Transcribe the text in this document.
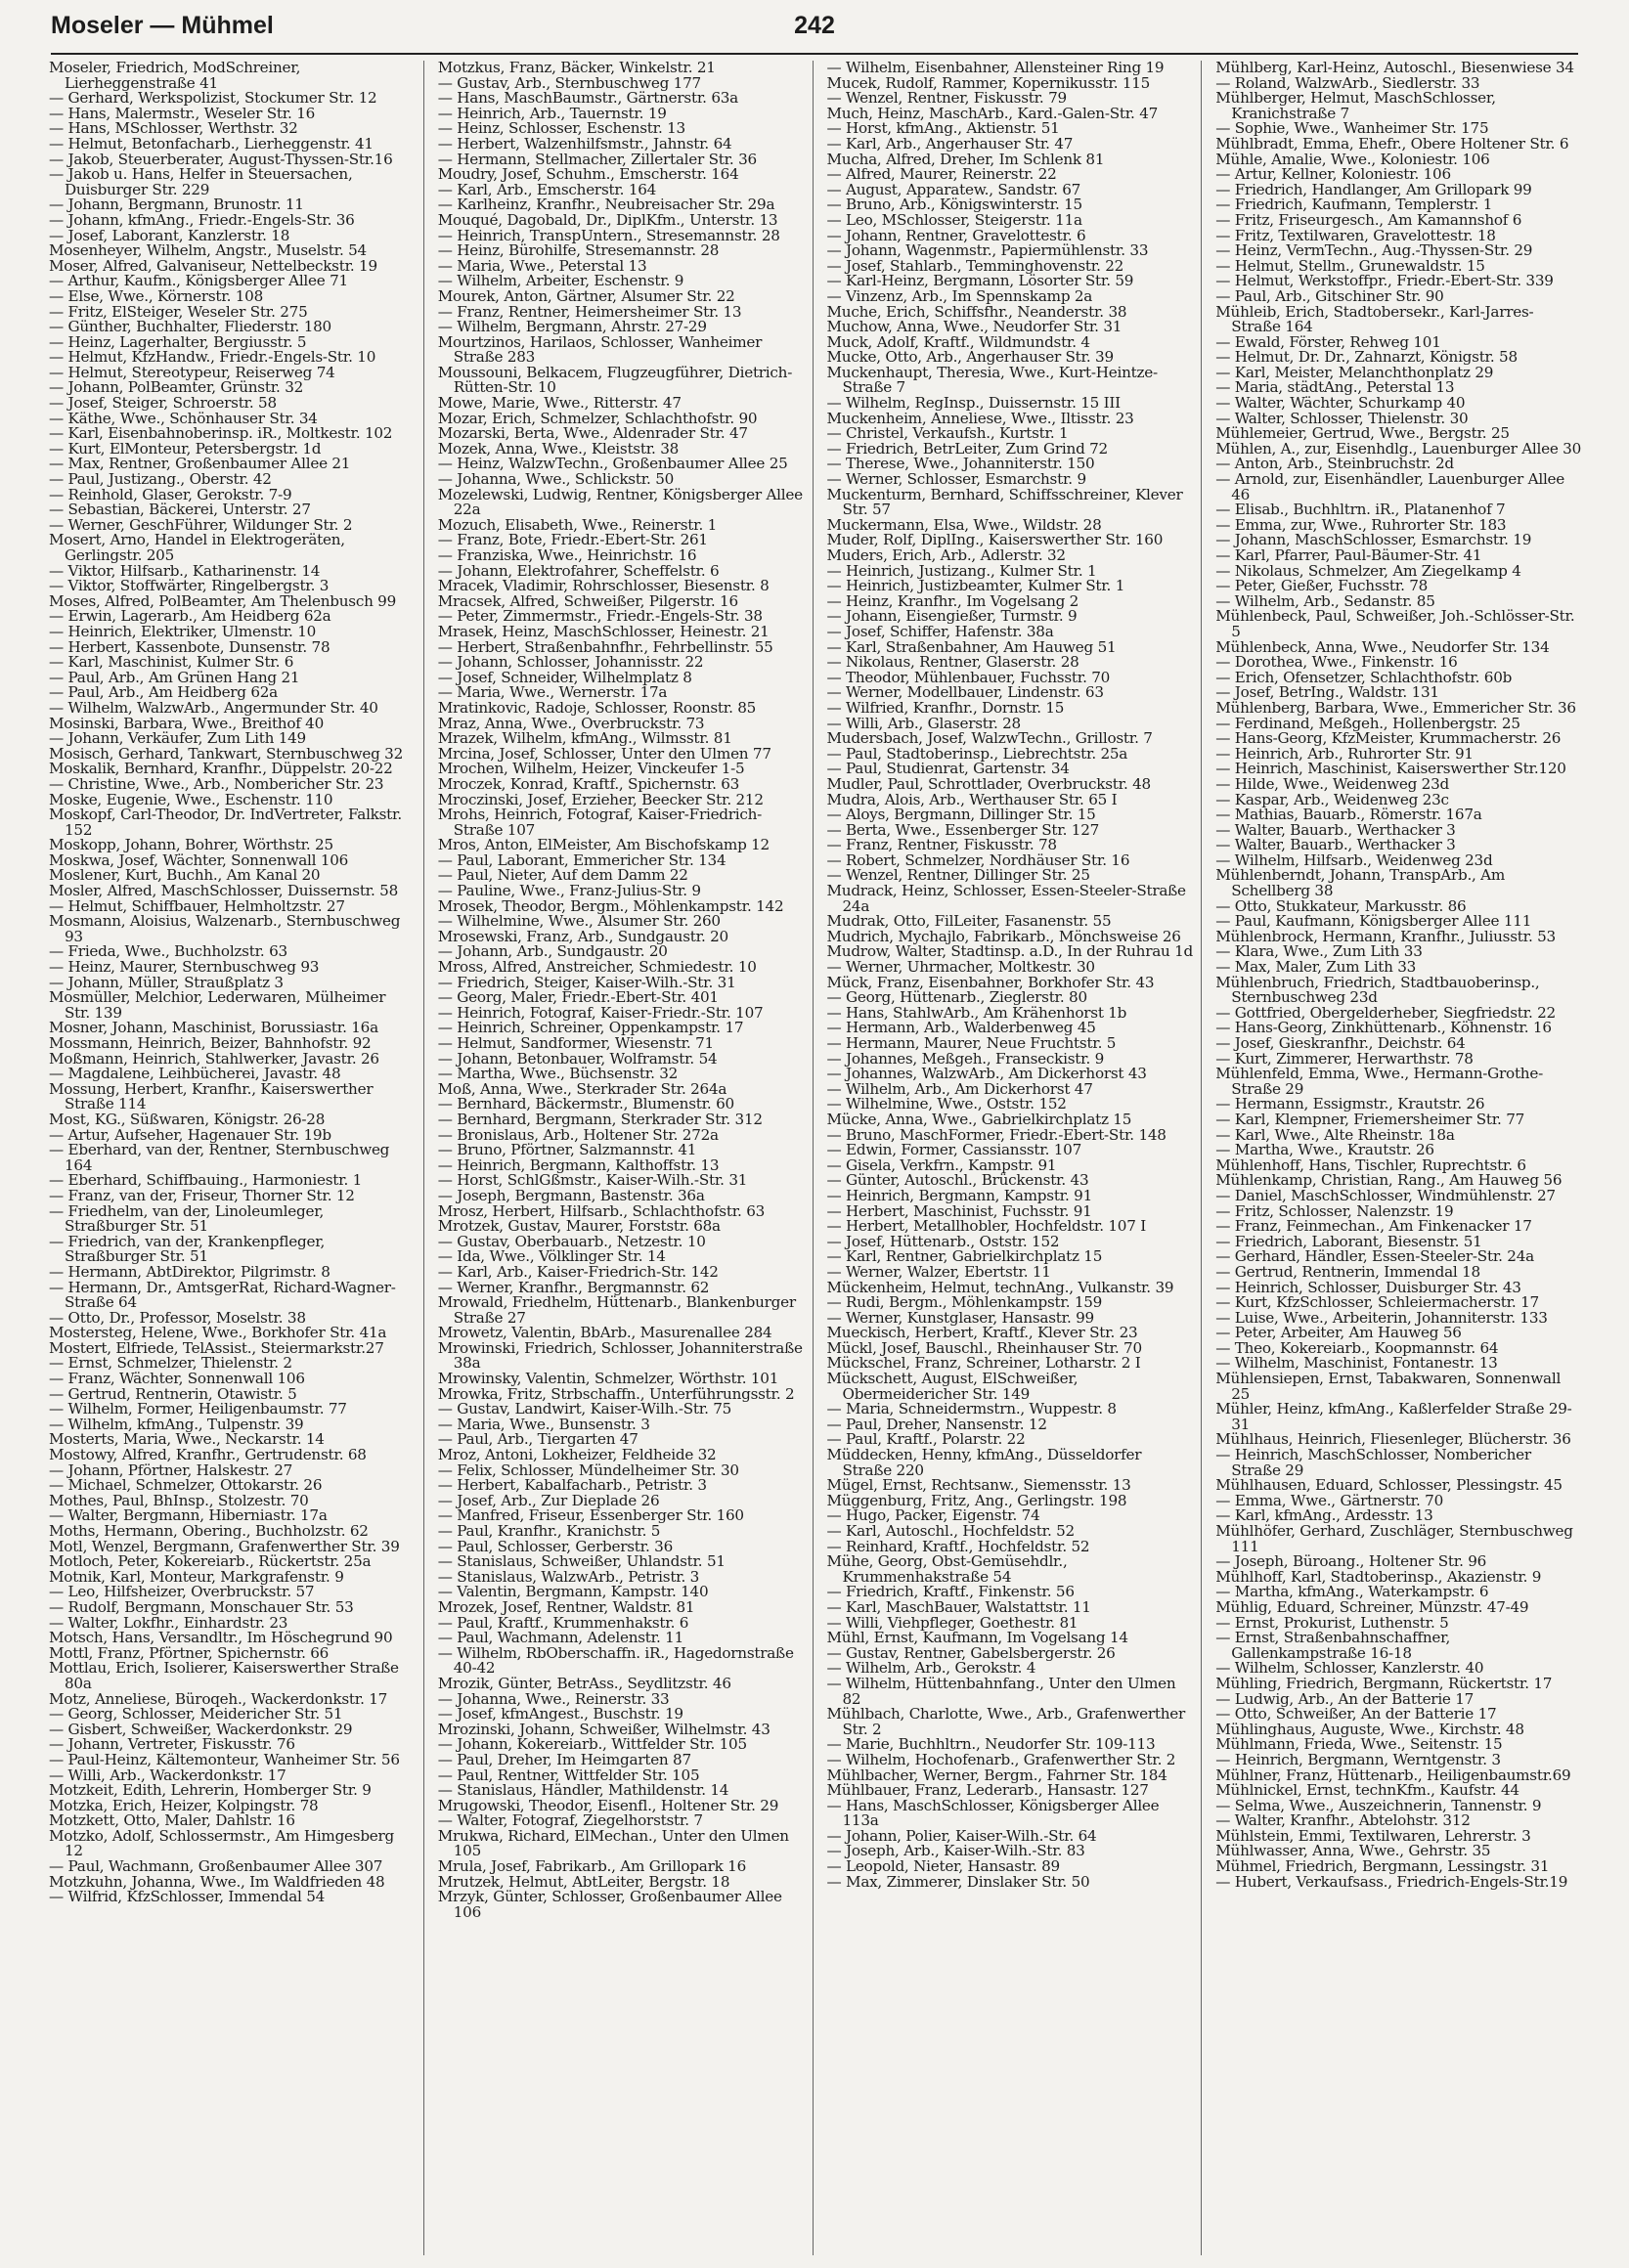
Moseler — Mühmel	242

Moseler, Friedrich, ModSchreiner, Lierheggenstraße 41

— Gerhard, Werkspolizist, Stockumer Str. 12

— Hans, Malermstr., Weseler Str. 16

— Hans, MSchlosser, Werthstr. 32

— Helmut, Betonfacharb., Lierheggenstr. 41

— Jakob, Steuerberater, August-Thyssen-Str.16

— Jakob u. Hans, Helfer in Steuersachen, Duisburger Str. 229

— Johann, Bergmann, Brunostr. 11

— Johann, kfmAng., Friedr.-Engels-Str. 36

— Josef, Laborant, Kanzlerstr. 18

Mosenheyer, Wilhelm, Angstr., Muselstr. 54

Moser, Alfred, Galvaniseur, Nettelbeckstr. 19

— Arthur, Kaufm., Königsberger Allee 71

— Else, Wwe., Körnerstr. 108

— Fritz, ElSteiger, Weseler Str. 275

— Günther, Buchhalter, Fliederstr. 180

— Heinz, Lagerhalter, Bergiusstr. 5

— Helmut, KfzHandw., Friedr.-Engels-Str. 10

— Helmut, Stereotypeur, Reiserweg 74

— Johann, PolBeamter, Grünstr. 32

— Josef, Steiger, Schroerstr. 58

— Käthe, Wwe., Schönhauser Str. 34

— Karl, Eisenbahnoberinsp. iR., Moltkestr. 102

— Kurt, ElMonteur, Petersbergstr. 1d

— Max, Rentner, Großenbaumer Allee 21

— Paul, Justizang., Oberstr. 42

— Reinhold, Glaser, Gerokstr. 7-9

— Sebastian, Bäckerei, Unterstr. 27

— Werner, GeschFührer, Wildunger Str. 2

Mosert, Arno, Handel in Elektrogeräten, Gerlingstr. 205

— Viktor, Hilfsarb., Katharinenstr. 14

— Viktor, Stoffwärter, Ringelbergstr. 3

Moses, Alfred, PolBeamter, Am Thelenbusch 99

— Erwin, Lagerarb., Am Heidberg 62a

— Heinrich, Elektriker, Ulmenstr. 10

— Herbert, Kassenbote, Dunsenstr. 78

— Karl, Maschinist, Kulmer Str. 6

— Paul, Arb., Am Grünen Hang 21

— Paul, Arb., Am Heidberg 62a

— Wilhelm, WalzwArb., Angermunder Str. 40

Mosinski, Barbara, Wwe., Breithof 40

— Johann, Verkäufer, Zum Lith 149

Mosisch, Gerhard, Tankwart, Sternbuschweg 32

Moskalik, Bernhard, Kranfhr., Düppelstr. 20-22

— Christine, Wwe., Arb., Nombericher Str. 23

Moske, Eugenie, Wwe., Eschenstr. 110

Moskopf, Carl-Theodor, Dr. IndVertreter, Falkstr. 152

Moskopp, Johann, Bohrer, Wörthstr. 25

Moskwa, Josef, Wächter, Sonnenwall 106

Moslener, Kurt, Buchh., Am Kanal 20

Mosler, Alfred, MaschSchlosser, Duissernstr. 58

— Helmut, Schiffbauer, Helmholtzstr. 27

Mosmann, Aloisius, Walzenarb., Sternbuschweg 93

— Frieda, Wwe., Buchholzstr. 63

— Heinz, Maurer, Sternbuschweg 93

— Johann, Müller, Straußplatz 3

Mosmüller, Melchior, Lederwaren, Mülheimer Str. 139

Mosner, Johann, Maschinist, Borussiastr. 16a

Mossmann, Heinrich, Beizer, Bahnhofstr. 92

Moßmann, Heinrich, Stahlwerker, Javastr. 26

— Magdalene, Leihbücherei, Javastr. 48

Mossung, Herbert, Kranfhr., Kaiserswerther Straße 114

Most, KG., Süßwaren, Königstr. 26-28

— Artur, Aufseher, Hagenauer Str. 19b

— Eberhard, van der, Rentner, Sternbuschweg 164

— Eberhard, Schiffbauing., Harmoniestr. 1

— Franz, van der, Friseur, Thorner Str. 12

— Friedhelm, van der, Linoleumleger, Straßburger Str. 51

— Friedrich, van der, Krankenpfleger, Straßburger Str. 51

— Hermann, AbtDirektor, Pilgrimstr. 8

— Hermann, Dr., AmtsgerRat, Richard-Wagner-Straße 64

— Otto, Dr., Professor, Moselstr. 38

Mostersteg, Helene, Wwe., Borkhofer Str. 41a

Mostert, Elfriede, TelAssist., Steiermarkstr.27

— Ernst, Schmelzer, Thielenstr. 2

— Franz, Wächter, Sonnenwall 106

— Gertrud, Rentnerin, Otawistr. 5

— Wilhelm, Former, Heiligenbaumstr. 77

— Wilhelm, kfmAng., Tulpenstr. 39

Mosterts, Maria, Wwe., Neckarstr. 14

Mostowy, Alfred, Kranfhr., Gertrudenstr. 68

— Johann, Pförtner, Halskestr. 27

— Michael, Schmelzer, Ottokarstr. 26

Mothes, Paul, BhInsp., Stolzestr. 70

— Walter, Bergmann, Hiberniastr. 17a

Moths, Hermann, Obering., Buchholzstr. 62

Motl, Wenzel, Bergmann, Grafenwerther Str. 39

Motloch, Peter, Kokereiarb., Rückertstr. 25a

Motnik, Karl, Monteur, Markgrafenstr. 9

— Leo, Hilfsheizer, Overbruckstr. 57

— Rudolf, Bergmann, Monschauer Str. 53

— Walter, Lokfhr., Einhardstr. 23

Motsch, Hans, Versandltr., Im Höschegrund 90

Mottl, Franz, Pförtner, Spichernstr. 66

Mottlau, Erich, Isolierer, Kaiserswerther Straße 80a

Motz, Anneliese, Büroqeh., Wackerdonkstr. 17

— Georg, Schlosser, Meidericher Str. 51

— Gisbert, Schweißer, Wackerdonkstr. 29

— Johann, Vertreter, Fiskusstr. 76

— Paul-Heinz, Kältemonteur, Wanheimer Str. 56

— Willi, Arb., Wackerdonkstr. 17

Motzkeit, Edith, Lehrerin, Homberger Str. 9

Motzka, Erich, Heizer, Kolpingstr. 78

Motzkett, Otto, Maler, Dahlstr. 16

Motzko, Adolf, Schlossermstr., Am Himgesberg 12

— Paul, Wachmann, Großenbaumer Allee 307

Motzkuhn, Johanna, Wwe., Im Waldfrieden 48

— Wilfrid, KfzSchlosser, Immendal 54

Motzkus, Franz, Bäcker, Winkelstr. 21

— Gustav, Arb., Sternbuschweg 177

— Hans, MaschBaumstr., Gärtnerstr. 63a

— Heinrich, Arb., Tauernstr. 19

— Heinz, Schlosser, Eschenstr. 13

— Herbert, Walzenhilfsmstr., Jahnstr. 64

— Hermann, Stellmacher, Zillertaler Str. 36

Moudry, Josef, Schuhm., Emscherstr. 164

— Karl, Arb., Emscherstr. 164

— Karlheinz, Kranfhr., Neubreisacher Str. 29a

Mouqué, Dagobald, Dr., DiplKfm., Unterstr. 13

— Heinrich, TranspUntern., Stresemannstr. 28

— Heinz, Bürohilfe, Stresemannstr. 28

— Maria, Wwe., Peterstal 13

— Wilhelm, Arbeiter, Eschenstr. 9

Mourek, Anton, Gärtner, Alsumer Str. 22

— Franz, Rentner, Heimersheimer Str. 13

— Wilhelm, Bergmann, Ahrstr. 27-29

Mourtzinos, Harilaos, Schlosser, Wanheimer Straße 283

Moussouni, Belkacem, Flugzeugführer, Dietrich-Rütten-Str. 10

Mowe, Marie, Wwe., Ritterstr. 47

Mozar, Erich, Schmelzer, Schlachthofstr. 90

Mozarski, Berta, Wwe., Aldenrader Str. 47

Mozek, Anna, Wwe., Kleiststr. 38

— Heinz, WalzwTechn., Großenbaumer Allee 25

— Johanna, Wwe., Schlickstr. 50

Mozelewski, Ludwig, Rentner, Königsberger Allee 22a

Mozuch, Elisabeth, Wwe., Reinerstr. 1

— Franz, Bote, Friedr.-Ebert-Str. 261

— Franziska, Wwe., Heinrichstr. 16

— Johann, Elektrofahrer, Scheffelstr. 6

Mracek, Vladimir, Rohrschlosser, Biesenstr. 8

Mracsek, Alfred, Schweißer, Pilgerstr. 16

— Peter, Zimmermstr., Friedr.-Engels-Str. 38

Mrasek, Heinz, MaschSchlosser, Heinestr. 21

— Herbert, Straßenbahnfhr., Fehrbellinstr. 55

— Johann, Schlosser, Johannisstr. 22

— Josef, Schneider, Wilhelmplatz 8

— Maria, Wwe., Wernerstr. 17a

Mratinkovic, Radoje, Schlosser, Roonstr. 85

Mraz, Anna, Wwe., Overbruckstr. 73

Mrazek, Wilhelm, kfmAng., Wilmsstr. 81

Mrcina, Josef, Schlosser, Unter den Ulmen 77

Mrochen, Wilhelm, Heizer, Vinckeufer 1-5

Mroczek, Konrad, Kraftf., Spichernstr. 63

Mroczinski, Josef, Erzieher, Beecker Str. 212

Mrohs, Heinrich, Fotograf, Kaiser-Friedrich-Straße 107

Mros, Anton, ElMeister, Am Bischofskamp 12

— Paul, Laborant, Emmericher Str. 134

— Paul, Nieter, Auf dem Damm 22

— Pauline, Wwe., Franz-Julius-Str. 9

Mrosek, Theodor, Bergm., Möhlenkampstr. 142

— Wilhelmine, Wwe., Alsumer Str. 260

Mrosewski, Franz, Arb., Sundgaustr. 20

— Johann, Arb., Sundgaustr. 20

Mross, Alfred, Anstreicher, Schmiedestr. 10

— Friedrich, Steiger, Kaiser-Wilh.-Str. 31

— Georg, Maler, Friedr.-Ebert-Str. 401

— Heinrich, Fotograf, Kaiser-Friedr.-Str. 107

— Heinrich, Schreiner, Oppenkampstr. 17

— Helmut, Sandformer, Wiesenstr. 71

— Johann, Betonbauer, Wolframstr. 54

— Martha, Wwe., Büchsenstr. 32

Moß, Anna, Wwe., Sterkrader Str. 264a

— Bernhard, Bäckermstr., Blumenstr. 60

— Bernhard, Bergmann, Sterkrader Str. 312

— Bronislaus, Arb., Holtener Str. 272a

— Bruno, Pförtner, Salzmannstr. 41

— Heinrich, Bergmann, Kalthoffstr. 13

— Horst, SchlGßmstr., Kaiser-Wilh.-Str. 31

— Joseph, Bergmann, Bastenstr. 36a

Mrosz, Herbert, Hilfsarb., Schlachthofstr. 63

Mrotzek, Gustav, Maurer, Forststr. 68a

— Gustav, Oberbauarb., Netzestr. 10

— Ida, Wwe., Völklinger Str. 14

— Karl, Arb., Kaiser-Friedrich-Str. 142

— Werner, Kranfhr., Bergmannstr. 62

Mrowald, Friedhelm, Hüttenarb., Blankenburger Straße 27

Mrowetz, Valentin, BbArb., Masurenallee 284

Mrowinski, Friedrich, Schlosser, Johanniterstraße 38a

Mrowinsky, Valentin, Schmelzer, Wörthstr. 101

Mrowka, Fritz, Strbschaffn., Unterführungsstr. 2

— Gustav, Landwirt, Kaiser-Wilh.-Str. 75

— Maria, Wwe., Bunsenstr. 3

— Paul, Arb., Tiergarten 47

Mroz, Antoni, Lokheizer, Feldheide 32

— Felix, Schlosser, Mündelheimer Str. 30

— Herbert, Kabalfacharb., Petristr. 3

— Josef, Arb., Zur Dieplade 26

— Manfred, Friseur, Essenberger Str. 160

— Paul, Kranfhr., Kranichstr. 5

— Paul, Schlosser, Gerberstr. 36

— Stanislaus, Schweißer, Uhlandstr. 51

— Stanislaus, WalzwArb., Petristr. 3

— Valentin, Bergmann, Kampstr. 140

Mrozek, Josef, Rentner, Waldstr. 81

— Paul, Kraftf., Krummenhakstr. 6

— Paul, Wachmann, Adelenstr. 11

— Wilhelm, RbOberschaffn. iR., Hagedornstraße 40-42

Mrozik, Günter, BetrAss., Seydlitzstr. 46

— Johanna, Wwe., Reinerstr. 33

— Josef, kfmAngest., Buschstr. 19

Mrozinski, Johann, Schweißer, Wilhelmstr. 43

— Johann, Kokereiarb., Wittfelder Str. 105

— Paul, Dreher, Im Heimgarten 87

— Paul, Rentner, Wittfelder Str. 105

— Stanislaus, Händler, Mathildenstr. 14

Mrugowski, Theodor, Eisenfl., Holtener Str. 29

— Walter, Fotograf, Ziegelhorststr. 7

Mrukwa, Richard, ElMechan., Unter den Ulmen 105

Mrula, Josef, Fabrikarb., Am Grillopark 16

Mrutzek, Helmut, AbtLeiter, Bergstr. 18

Mrzyk, Günter, Schlosser, Großenbaumer Allee 106

— Wilhelm, Eisenbahner, Allensteiner Ring 19

Mucek, Rudolf, Rammer, Kopernikusstr. 115

— Wenzel, Rentner, Fiskusstr. 79

Much, Heinz, MaschArb., Kard.-Galen-Str. 47

— Horst, kfmAng., Aktienstr. 51

— Karl, Arb., Angerhauser Str. 47

Mucha, Alfred, Dreher, Im Schlenk 81

— Alfred, Maurer, Reinerstr. 22

— August, Apparatew., Sandstr. 67

— Bruno, Arb., Königswinterstr. 15

— Leo, MSchlosser, Steigerstr. 11a

— Johann, Rentner, Gravelottestr. 6

— Johann, Wagenmstr., Papiermühlenstr. 33

— Josef, Stahlarb., Temminghovenstr. 22

— Karl-Heinz, Bergmann, Lösorter Str. 59

— Vinzenz, Arb., Im Spennskamp 2a

Muche, Erich, Schiffsfhr., Neanderstr. 38

Muchow, Anna, Wwe., Neudorfer Str. 31

Muck, Adolf, Kraftf., Wildmundstr. 4

Mucke, Otto, Arb., Angerhauser Str. 39

Muckenhaupt, Theresia, Wwe., Kurt-Heintze-Straße 7

— Wilhelm, RegInsp., Duissernstr. 15 III

Muckenheim, Anneliese, Wwe., Iltisstr. 23

— Christel, Verkaufsh., Kurtstr. 1

— Friedrich, BetrLeiter, Zum Grind 72

— Therese, Wwe., Johanniterstr. 150

— Werner, Schlosser, Esmarchstr. 9

Muckenturm, Bernhard, Schiffsschreiner, Klever Str. 57

Muckermann, Elsa, Wwe., Wildstr. 28

Muder, Rolf, DiplIng., Kaiserswerther Str. 160

Muders, Erich, Arb., Adlerstr. 32

— Heinrich, Justizang., Kulmer Str. 1

— Heinrich, Justizbeamter, Kulmer Str. 1

— Heinz, Kranfhr., Im Vogelsang 2

— Johann, Eisengießer, Turmstr. 9

— Josef, Schiffer, Hafenstr. 38a

— Karl, Straßenbahner, Am Hauweg 51

— Nikolaus, Rentner, Glaserstr. 28

— Theodor, Mühlenbauer, Fuchsstr. 70

— Werner, Modellbauer, Lindenstr. 63

— Wilfried, Kranfhr., Dornstr. 15

— Willi, Arb., Glaserstr. 28

Mudersbach, Josef, WalzwTechn., Grillostr. 7

— Paul, Stadtoberinsp., Liebrechtstr. 25a

— Paul, Studienrat, Gartenstr. 34

Mudler, Paul, Schrottlader, Overbruckstr. 48

Mudra, Alois, Arb., Werthauser Str. 65 I

— Aloys, Bergmann, Dillinger Str. 15

— Berta, Wwe., Essenberger Str. 127

— Franz, Rentner, Fiskusstr. 78

— Robert, Schmelzer, Nordhäuser Str. 16

— Wenzel, Rentner, Dillinger Str. 25

Mudrack, Heinz, Schlosser, Essen-Steeler-Straße 24a

Mudrak, Otto, FilLeiter, Fasanenstr. 55

Mudrich, Mychajlo, Fabrikarb., Mönchsweise 26

Mudrow, Walter, Stadtinsp. a.D., In der Ruhrau 1d

— Werner, Uhrmacher, Moltkestr. 30

Mück, Franz, Eisenbahner, Borkhofer Str. 43

— Georg, Hüttenarb., Zieglerstr. 80

— Hans, StahlwArb., Am Krähenhorst 1b

— Hermann, Arb., Walderbenweg 45

— Hermann, Maurer, Neue Fruchtstr. 5

— Johannes, Meßgeh., Franseckistr. 9

— Johannes, WalzwArb., Am Dickerhorst 43

— Wilhelm, Arb., Am Dickerhorst 47

— Wilhelmine, Wwe., Oststr. 152

Mücke, Anna, Wwe., Gabrielkirchplatz 15

— Bruno, MaschFormer, Friedr.-Ebert-Str. 148

— Edwin, Former, Cassiansstr. 107

— Gisela, Verkfrn., Kampstr. 91

— Günter, Autoschl., Brückenstr. 43

— Heinrich, Bergmann, Kampstr. 91

— Herbert, Maschinist, Fuchsstr. 91

— Herbert, Metallhobler, Hochfeldstr. 107 I

— Josef, Hüttenarb., Oststr. 152

— Karl, Rentner, Gabrielkirchplatz 15

— Werner, Walzer, Ebertstr. 11

Mückenheim, Helmut, technAng., Vulkanstr. 39

— Rudi, Bergm., Möhlenkampstr. 159

— Werner, Kunstglaser, Hansastr. 99

Mueckisch, Herbert, Kraftf., Klever Str. 23

Mückl, Josef, Bauschl., Rheinhauser Str. 70

Mückschel, Franz, Schreiner, Lotharstr. 2 I

Mückschett, August, ElSchweißer, Obermeidericher Str. 149

— Maria, Schneidermstrn., Wuppestr. 8

— Paul, Dreher, Nansenstr. 12

— Paul, Kraftf., Polarstr. 22

Müddecken, Henny, kfmAng., Düsseldorfer Straße 220

Mügel, Ernst, Rechtsanw., Siemensstr. 13

Müggenburg, Fritz, Ang., Gerlingstr. 198

— Hugo, Packer, Eigenstr. 74

— Karl, Autoschl., Hochfeldstr. 52

— Reinhard, Kraftf., Hochfeldstr. 52

Mühe, Georg, Obst-Gemüsehdlr., Krummenhakstraße 54

— Friedrich, Kraftf., Finkenstr. 56

— Karl, MaschBauer, Walstattstr. 11

— Willi, Viehpfleger, Goethestr. 81

Mühl, Ernst, Kaufmann, Im Vogelsang 14

— Gustav, Rentner, Gabelsbergerstr. 26

— Wilhelm, Arb., Gerokstr. 4

— Wilhelm, Hüttenbahnfang., Unter den Ulmen 82

Mühlbach, Charlotte, Wwe., Arb., Grafenwerther Str. 2

— Marie, Buchhltrn., Neudorfer Str. 109-113

— Wilhelm, Hochofenarb., Grafenwerther Str. 2

Mühlbacher, Werner, Bergm., Fahrner Str. 184

Mühlbauer, Franz, Lederarb., Hansastr. 127

— Hans, MaschSchlosser, Königsberger Allee 113a

— Johann, Polier, Kaiser-Wilh.-Str. 64

— Joseph, Arb., Kaiser-Wilh.-Str. 83

— Leopold, Nieter, Hansastr. 89

— Max, Zimmerer, Dinslaker Str. 50

Mühlberg, Karl-Heinz, Autoschl., Biesenwiese 34

— Roland, WalzwArb., Siedlerstr. 33

Mühlberger, Helmut, MaschSchlosser, Kranichstraße 7

— Sophie, Wwe., Wanheimer Str. 175

Mühlbradt, Emma, Ehefr., Obere Holtener Str. 6

Mühle, Amalie, Wwe., Koloniestr. 106

— Artur, Kellner, Koloniestr. 106

— Friedrich, Handlanger, Am Grillopark 99

— Friedrich, Kaufmann, Templerstr. 1

— Fritz, Friseurgesch., Am Kamannshof 6

— Fritz, Textilwaren, Gravelottestr. 18

— Heinz, VermTechn., Aug.-Thyssen-Str. 29

— Helmut, Stellm., Grunewaldstr. 15

— Helmut, Werkstoffpr., Friedr.-Ebert-Str. 339

— Paul, Arb., Gitschiner Str. 90

Mühleib, Erich, Stadtobersekr., Karl-Jarres-Straße 164

— Ewald, Förster, Rehweg 101

— Helmut, Dr. Dr., Zahnarzt, Königstr. 58

— Karl, Meister, Melanchthonplatz 29

— Maria, städtAng., Peterstal 13

— Walter, Wächter, Schurkamp 40

— Walter, Schlosser, Thielenstr. 30

Mühlemeier, Gertrud, Wwe., Bergstr. 25

Mühlen, A., zur, Eisenhdlg., Lauenburger Allee 30

— Anton, Arb., Steinbruchstr. 2d

— Arnold, zur, Eisenhändler, Lauenburger Allee 46

— Elisab., Buchhltrn. iR., Platanenhof 7

— Emma, zur, Wwe., Ruhrorter Str. 183

— Johann, MaschSchlosser, Esmarchstr. 19

— Karl, Pfarrer, Paul-Bäumer-Str. 41

— Nikolaus, Schmelzer, Am Ziegelkamp 4

— Peter, Gießer, Fuchsstr. 78

— Wilhelm, Arb., Sedanstr. 85

Mühlenbeck, Paul, Schweißer, Joh.-Schlösser-Str. 5

Mühlenbeck, Anna, Wwe., Neudorfer Str. 134

— Dorothea, Wwe., Finkenstr. 16

— Erich, Ofensetzer, Schlachthofstr. 60b

— Josef, BetrIng., Waldstr. 131

Mühlenberg, Barbara, Wwe., Emmericher Str. 36

— Ferdinand, Meßgeh., Hollenbergstr. 25

— Hans-Georg, KfzMeister, Krummacherstr. 26

— Heinrich, Arb., Ruhrorter Str. 91

— Heinrich, Maschinist, Kaiserswerther Str.120

— Hilde, Wwe., Weidenweg 23d

— Kaspar, Arb., Weidenweg 23c

— Mathias, Bauarb., Römerstr. 167a

— Walter, Bauarb., Werthacker 3

— Walter, Bauarb., Werthacker 3

— Wilhelm, Hilfsarb., Weidenweg 23d

Mühlenberndt, Johann, TranspArb., Am Schellberg 38

— Otto, Stukkateur, Markusstr. 86

— Paul, Kaufmann, Königsberger Allee 111

Mühlenbrock, Hermann, Kranfhr., Juliusstr. 53

— Klara, Wwe., Zum Lith 33

— Max, Maler, Zum Lith 33

Mühlenbruch, Friedrich, Stadtbauoberinsp., Sternbuschweg 23d

— Gottfried, Obergelderheber, Siegfriedstr. 22

— Hans-Georg, Zinkhüttenarb., Köhnenstr. 16

— Josef, Gieskranfhr., Deichstr. 64

— Kurt, Zimmerer, Herwarthstr. 78

Mühlenfeld, Emma, Wwe., Hermann-Grothe-Straße 29

— Hermann, Essigmstr., Krautstr. 26

— Karl, Klempner, Friemersheimer Str. 77

— Karl, Wwe., Alte Rheinstr. 18a

— Martha, Wwe., Krautstr. 26

Mühlenhoff, Hans, Tischler, Ruprechtstr. 6

Mühlenkamp, Christian, Rang., Am Hauweg 56

— Daniel, MaschSchlosser, Windmühlenstr. 27

— Fritz, Schlosser, Nalenzstr. 19

— Franz, Feinmechan., Am Finkenacker 17

— Friedrich, Laborant, Biesenstr. 51

— Gerhard, Händler, Essen-Steeler-Str. 24a

— Gertrud, Rentnerin, Immendal 18

— Heinrich, Schlosser, Duisburger Str. 43

— Kurt, KfzSchlosser, Schleiermacherstr. 17

— Luise, Wwe., Arbeiterin, Johanniterstr. 133

— Peter, Arbeiter, Am Hauweg 56

— Theo, Kokereiarb., Koopmannstr. 64

— Wilhelm, Maschinist, Fontanestr. 13

Mühlensiepen, Ernst, Tabakwaren, Sonnenwall 25

Mühler, Heinz, kfmAng., Kaßlerfelder Straße 29-31

Mühlhaus, Heinrich, Fliesenleger, Blücherstr. 36

— Heinrich, MaschSchlosser, Nombericher Straße 29

Mühlhausen, Eduard, Schlosser, Plessingstr. 45

— Emma, Wwe., Gärtnerstr. 70

— Karl, kfmAng., Ardesstr. 13

Mühlhöfer, Gerhard, Zuschläger, Sternbuschweg 111

— Joseph, Büroang., Holtener Str. 96

Mühlhoff, Karl, Stadtoberinsp., Akazienstr. 9

— Martha, kfmAng., Waterkampstr. 6

Mühlig, Eduard, Schreiner, Münzstr. 47-49

— Ernst, Prokurist, Luthenstr. 5

— Ernst, Straßenbahnschaffner, Gallenkampstraße 16-18

— Wilhelm, Schlosser, Kanzlerstr. 40

Mühling, Friedrich, Bergmann, Rückertstr. 17

— Ludwig, Arb., An der Batterie 17

— Otto, Schweißer, An der Batterie 17

Mühlinghaus, Auguste, Wwe., Kirchstr. 48

Mühlmann, Frieda, Wwe., Seitenstr. 15

— Heinrich, Bergmann, Werntgenstr. 3

Mühlner, Franz, Hüttenarb., Heiligenbaumstr.69

Mühlnickel, Ernst, technKfm., Kaufstr. 44

— Selma, Wwe., Auszeichnerin, Tannenstr. 9

— Walter, Kranfhr., Abtelohstr. 312

Mühlstein, Emmi, Textilwaren, Lehrerstr. 3

Mühlwasser, Anna, Wwe., Gehrstr. 35

Mühmel, Friedrich, Bergmann, Lessingstr. 31

— Hubert, Verkaufsass., Friedrich-Engels-Str.19
